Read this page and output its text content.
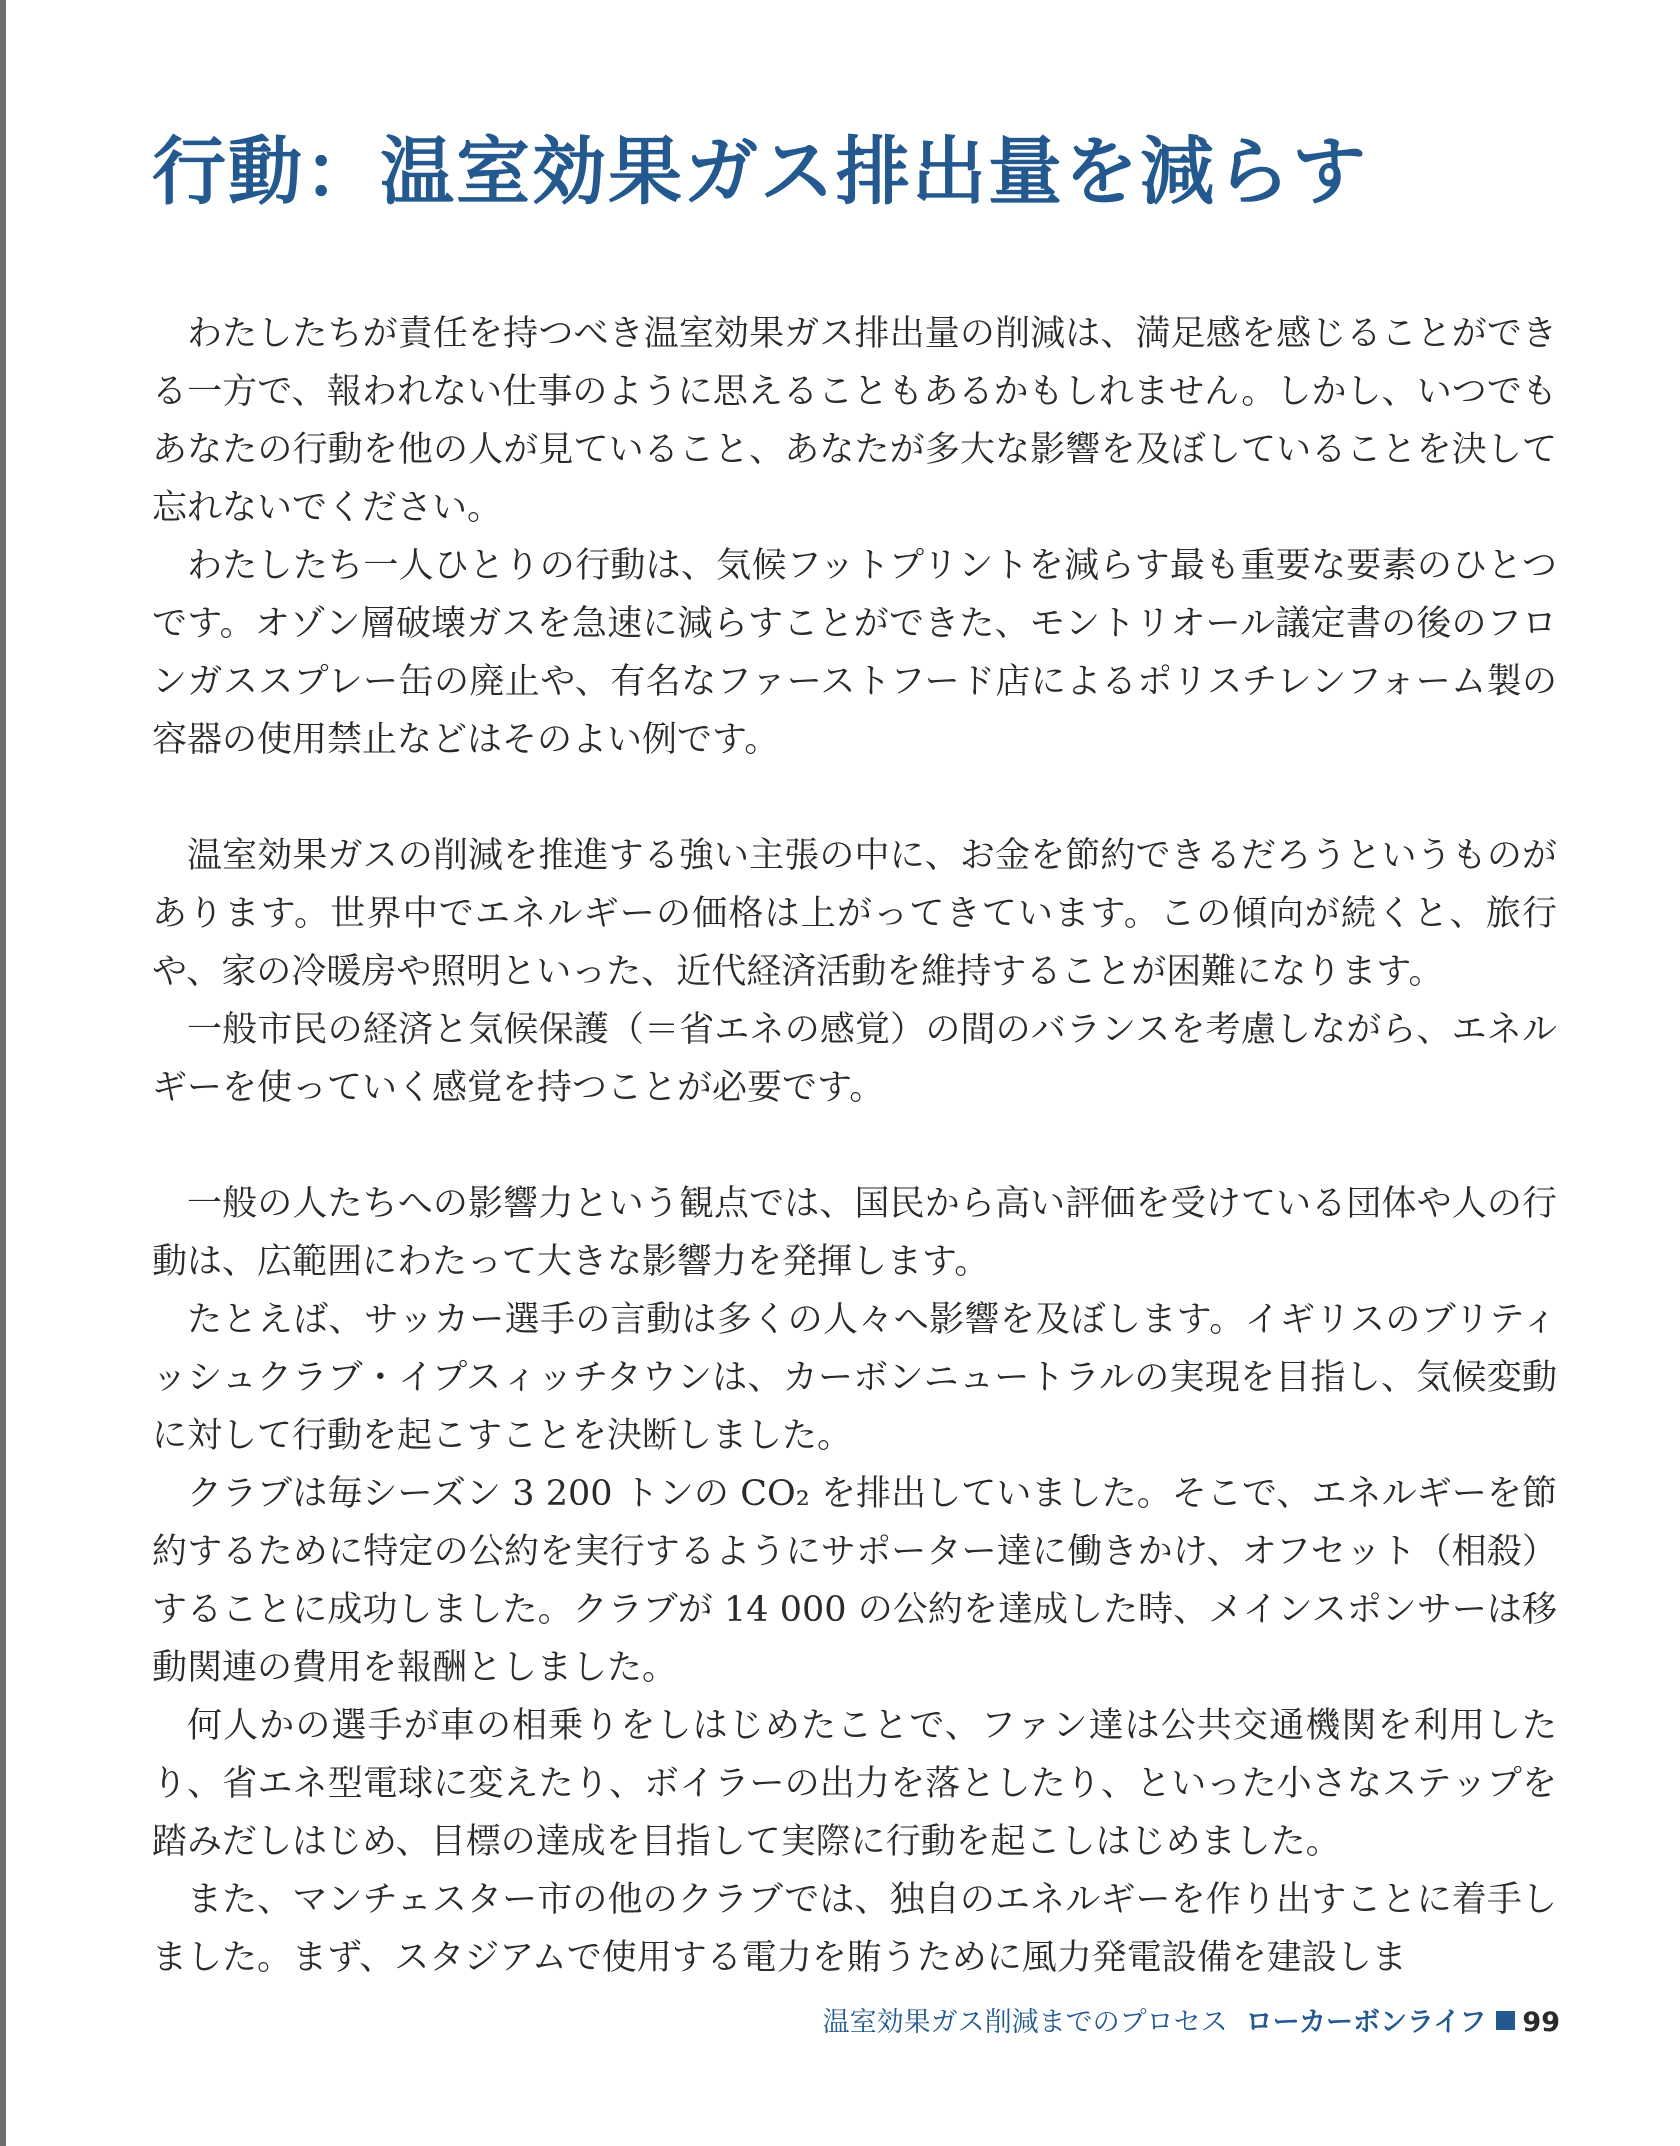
行動：温室効果ガス排出量を減らす

わたしたちが責任を持つべき温室効果ガス排出量の削減は、満足感を感じることができる一方で、報われない仕事のように思えることもあるかもしれません。しかし、いつでもあなたの行動を他の人が見ていること、あなたが多大な影響を及ぼしていることを決して忘れないでください。

わたしたち一人ひとりの行動は、気候フットプリントを減らす最も重要な要素のひとつです。オゾン層破壊ガスを急速に減らすことができた、モントリオール議定書の後のフロンガススプレー缶の廃止や、有名なファーストフード店によるポリスチレンフォーム製の容器の使用禁止などはそのよい例です。

温室効果ガスの削減を推進する強い主張の中に、お金を節約できるだろうというものがあります。世界中でエネルギーの価格は上がってきています。この傾向が続くと、旅行や、家の冷暖房や照明といった、近代経済活動を維持することが困難になります。

一般市民の経済と気候保護（＝省エネの感覚）の間のバランスを考慮しながら、エネルギーを使っていく感覚を持つことが必要です。

一般の人たちへの影響力という観点では、国民から高い評価を受けている団体や人の行動は、広範囲にわたって大きな影響力を発揮します。

たとえば、サッカー選手の言動は多くの人々へ影響を及ぼします。イギリスのブリティッシュクラブ・イプスィッチタウンは、カーボンニュートラルの実現を目指し、気候変動に対して行動を起こすことを決断しました。

クラブは毎シーズン 3 200 トンの CO₂ を排出していました。そこで、エネルギーを節約するために特定の公約を実行するようにサポーター達に働きかけ、オフセット（相殺）することに成功しました。クラブが 14 000 の公約を達成した時、メインスポンサーは移動関連の費用を報酬としました。

何人かの選手が車の相乗りをしはじめたことで、ファン達は公共交通機関を利用したり、省エネ型電球に変えたり、ボイラーの出力を落としたり、といった小さなステップを踏みだしはじめ、目標の達成を目指して実際に行動を起こしはじめました。

また、マンチェスター市の他のクラブでは、独自のエネルギーを作り出すことに着手しました。まず、スタジアムで使用する電力を賄うために風力発電設備を建設しま

温室効果ガス削減までのプロセス ローカーボンライフ 99
